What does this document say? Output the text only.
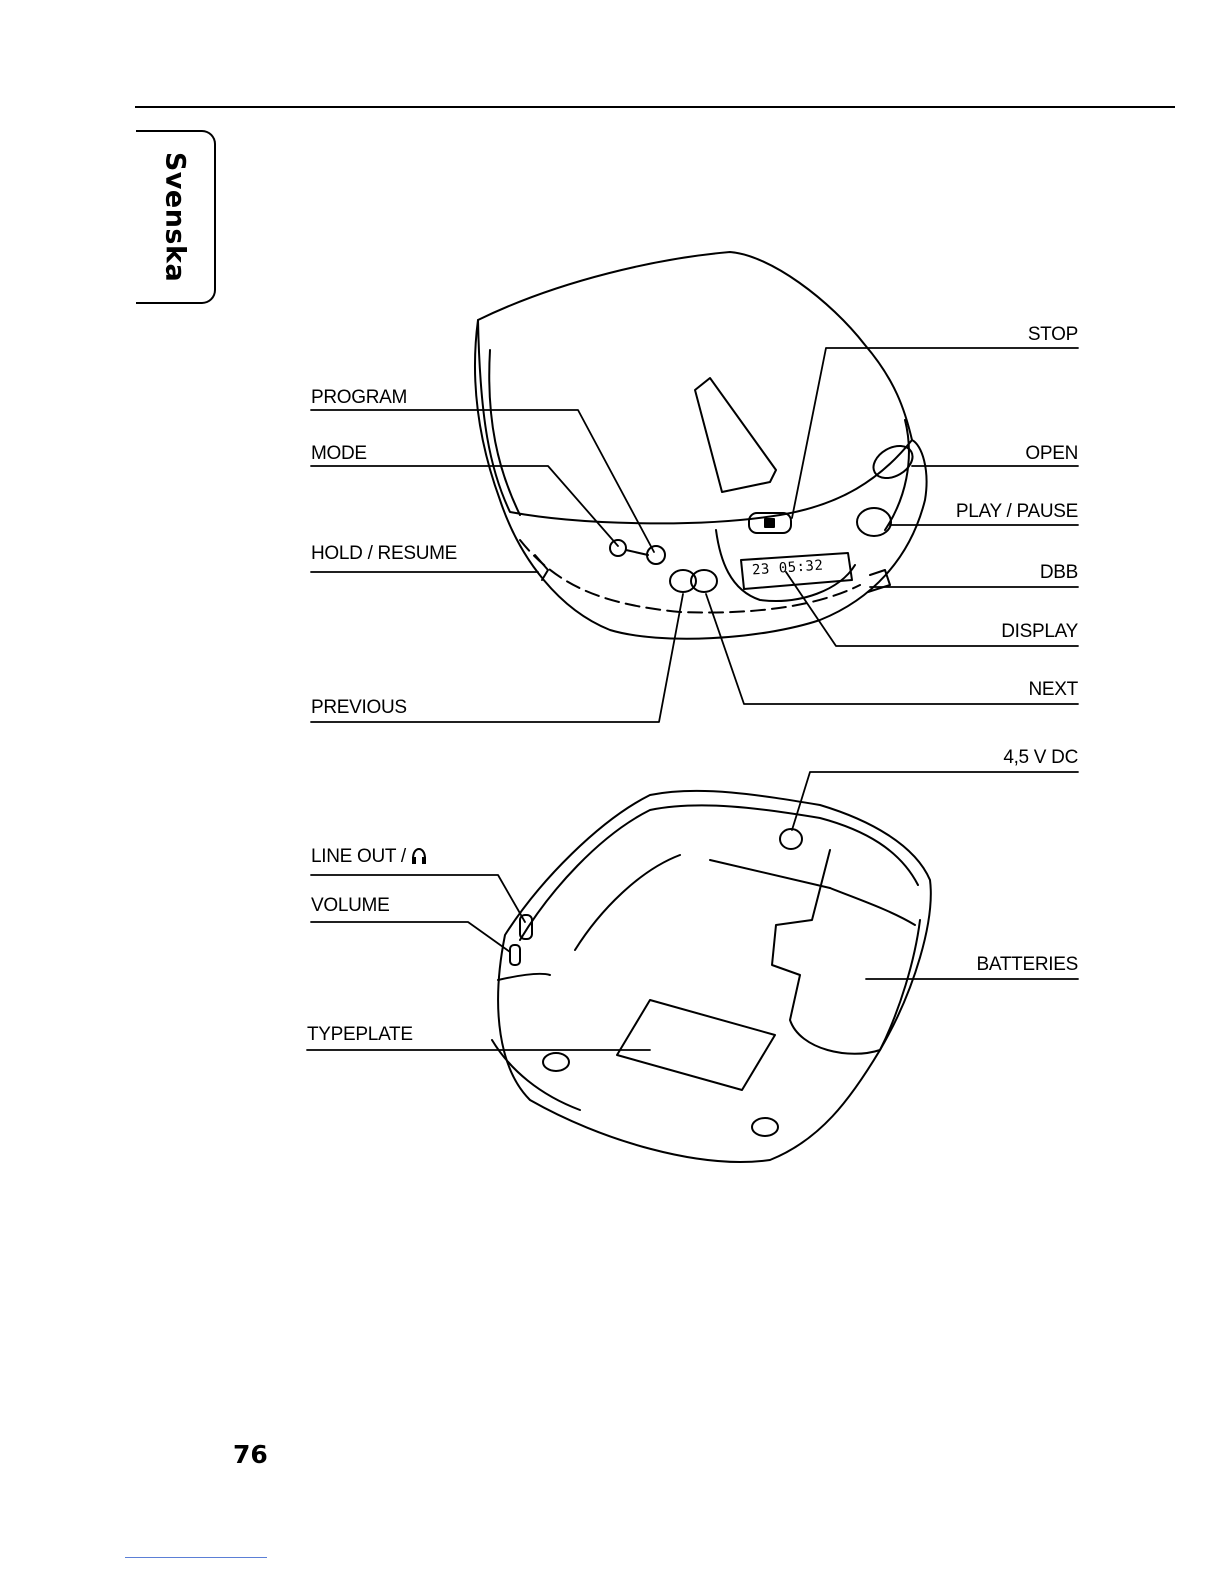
Svenska
PROGRAM
MODE
HOLD / RESUME
PREVIOUS
LINE OUT /
VOLUME
TYPEPLATE
STOP
OPEN
PLAY / PAUSE
DBB
DISPLAY
NEXT
4,5 V DC
BATTERIES
23 05:32
76
